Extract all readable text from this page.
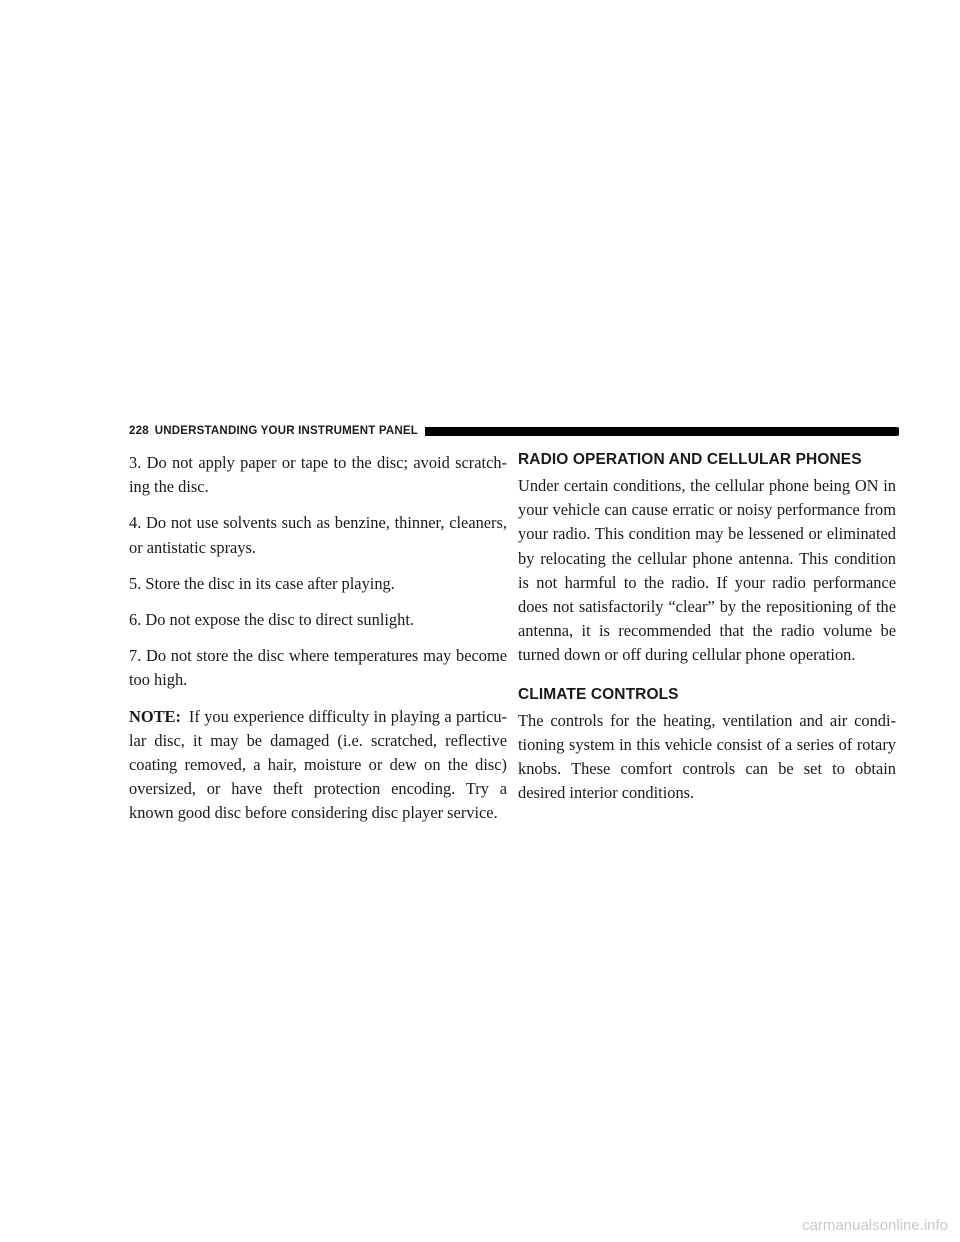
228 UNDERSTANDING YOUR INSTRUMENT PANEL

3. Do not apply paper or tape to the disc; avoid scratch-ing the disc.

4. Do not use solvents such as benzine, thinner, cleaners, or antistatic sprays.

5. Store the disc in its case after playing.

6. Do not expose the disc to direct sunlight.

7. Do not store the disc where temperatures may become too high.

NOTE: If you experience difficulty in playing a particu-lar disc, it may be damaged (i.e. scratched, reflective coating removed, a hair, moisture or dew on the disc) oversized, or have theft protection encoding. Try a known good disc before considering disc player service.

RADIO OPERATION AND CELLULAR PHONES

Under certain conditions, the cellular phone being ON in your vehicle can cause erratic or noisy performance from your radio. This condition may be lessened or eliminated by relocating the cellular phone antenna. This condition is not harmful to the radio. If your radio performance does not satisfactorily “clear” by the repositioning of the antenna, it is recommended that the radio volume be turned down or off during cellular phone operation.

CLIMATE CONTROLS

The controls for the heating, ventilation and air condi-tioning system in this vehicle consist of a series of rotary knobs. These comfort controls can be set to obtain desired interior conditions.

carmanualsonline.info
